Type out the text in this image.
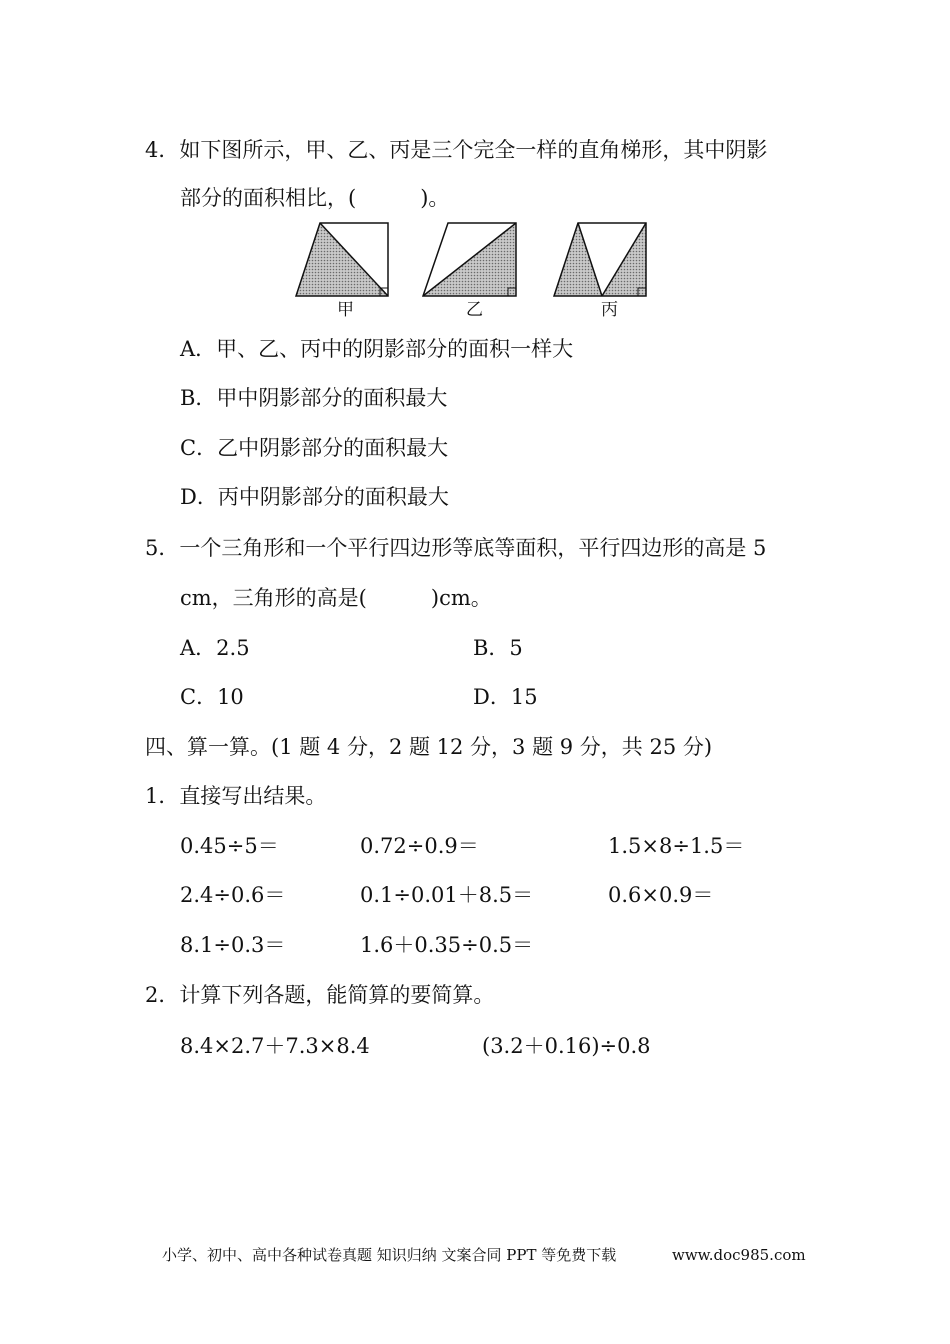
4．如下图所示，甲、乙、丙是三个完全一样的直角梯形，其中阴影
部分的面积相比，(	)。
甲	乙	丙
A．甲、乙、丙中的阴影部分的面积一样大
B．甲中阴影部分的面积最大
C．乙中阴影部分的面积最大
D．丙中阴影部分的面积最大
5．一个三角形和一个平行四边形等底等面积，平行四边形的高是 5
cm，三角形的高是(	)cm。
A．2.5	B．5
C．10	D．15
四、算一算。(1 题 4 分，2 题 12 分，3 题 9 分，共 25 分)
1．直接写出结果。
0.45÷5＝	0.72÷0.9＝	1.5×8÷1.5＝
2.4÷0.6＝	0.1÷0.01＋8.5＝	0.6×0.9＝
8.1÷0.3＝	1.6＋0.35÷0.5＝
2．计算下列各题，能简算的要简算。
8.4×2.7＋7.3×8.4	(3.2＋0.16)÷0.8
小学、初中、高中各种试卷真题 知识归纳 文案合同 PPT 等免费下载	www.doc985.com
